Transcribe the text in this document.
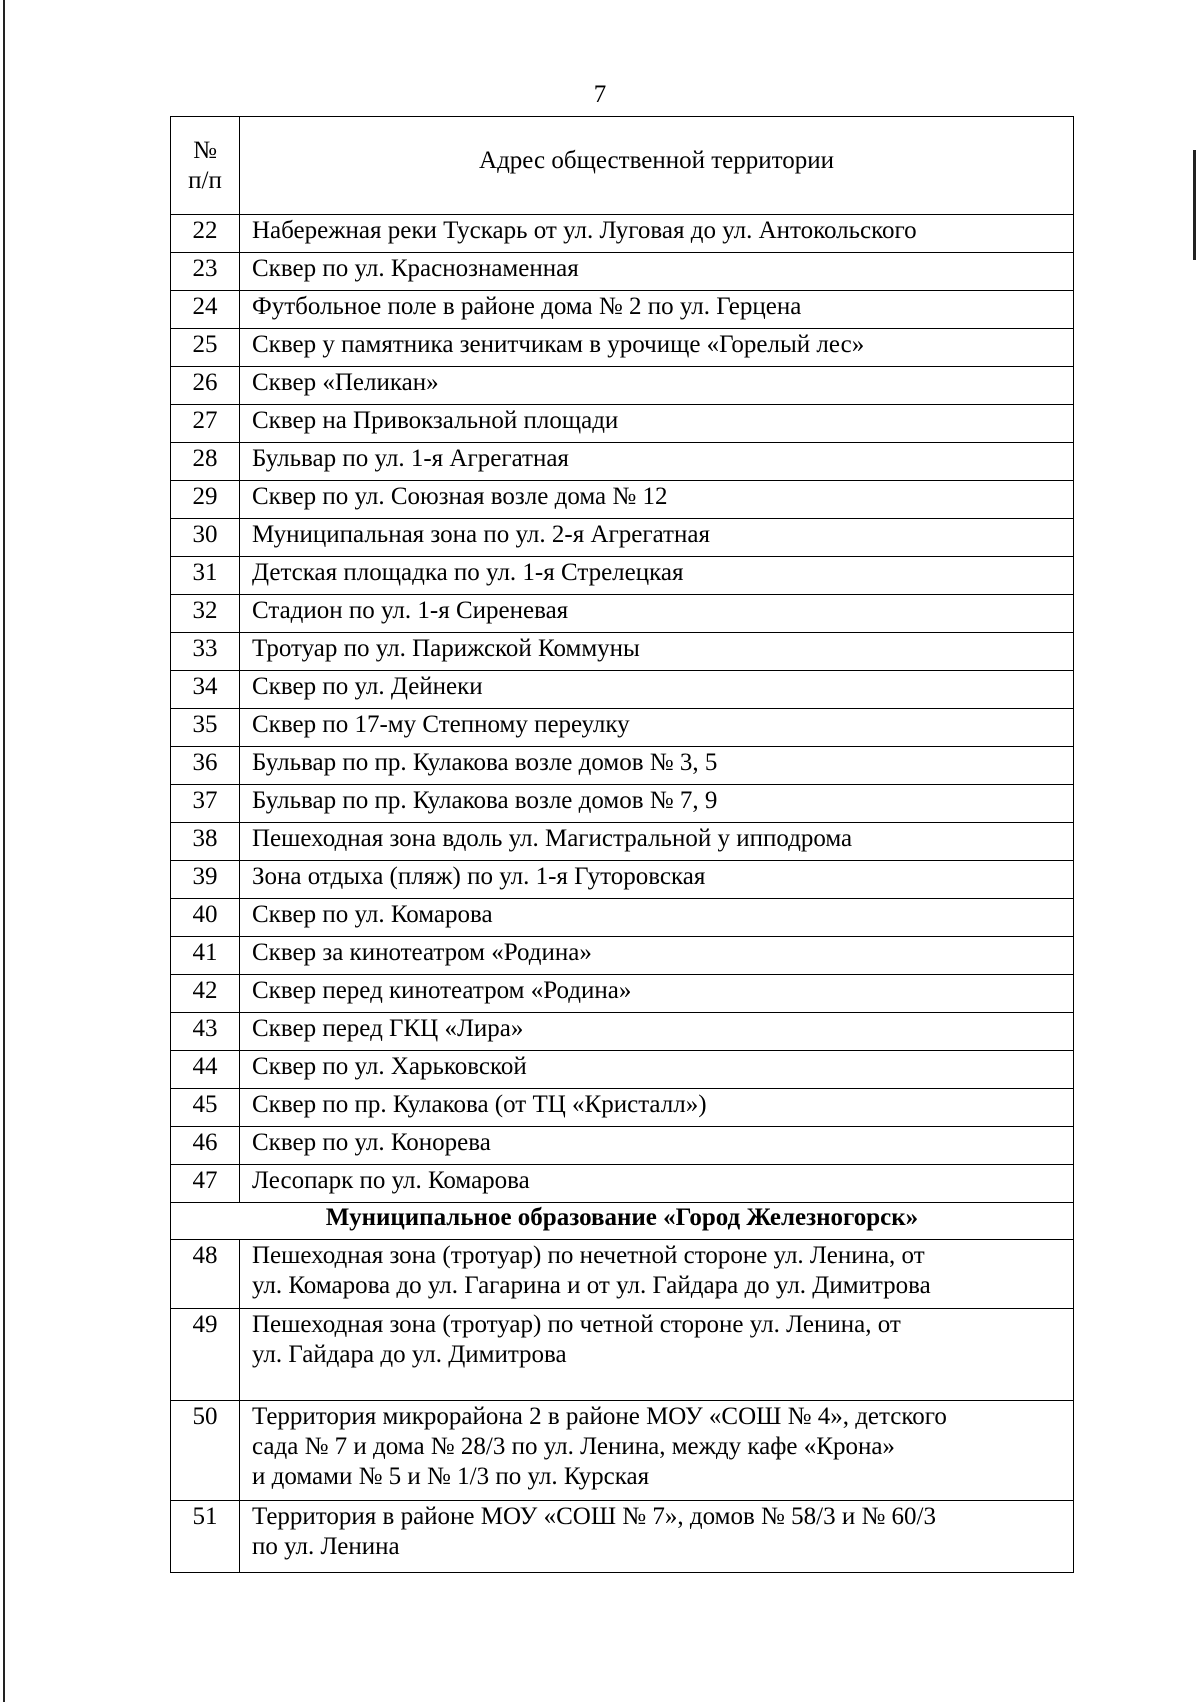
7
№
п/п	Адрес общественной территории
22	Набережная реки Тускарь от ул. Луговая до ул. Антокольского
23	Сквер по ул. Краснознаменная
24	Футбольное поле в районе дома № 2 по ул. Герцена
25	Сквер у памятника зенитчикам в урочище «Горелый лес»
26	Сквер «Пеликан»
27	Сквер на Привокзальной площади
28	Бульвар по ул. 1-я Агрегатная
29	Сквер по ул. Союзная возле дома № 12
30	Муниципальная зона по ул. 2-я Агрегатная
31	Детская площадка по ул. 1-я Стрелецкая
32	Стадион по ул. 1-я Сиреневая
33	Тротуар по ул. Парижской Коммуны
34	Сквер по ул. Дейнеки
35	Сквер по 17-му Степному переулку
36	Бульвар по пр. Кулакова возле домов № 3, 5
37	Бульвар по пр. Кулакова возле домов № 7, 9
38	Пешеходная зона вдоль ул. Магистральной у ипподрома
39	Зона отдыха (пляж) по ул. 1-я Гуторовская
40	Сквер по ул. Комарова
41	Сквер за кинотеатром «Родина»
42	Сквер перед кинотеатром «Родина»
43	Сквер перед ГКЦ «Лира»
44	Сквер по ул. Харьковской
45	Сквер по пр. Кулакова (от ТЦ «Кристалл»)
46	Сквер по ул. Конорева
47	Лесопарк по ул. Комарова
Муниципальное образование «Город Железногорск»	
48	Пешеходная зона (тротуар) по нечетной стороне ул. Ленина, от
ул. Комарова до ул. Гагарина и от ул. Гайдара до ул. Димитрова

49	Пешеходная зона (тротуар) по четной стороне ул. Ленина, от
ул. Гайдара до ул. Димитрова

50	Территория микрорайона 2 в районе МОУ «СОШ № 4», детского
сада № 7 и дома № 28/3 по ул. Ленина, между кафе «Крона»
и домами № 5 и № 1/3 по ул. Курская

51	Территория в районе МОУ «СОШ № 7», домов № 58/3 и № 60/3
по ул. Ленина
